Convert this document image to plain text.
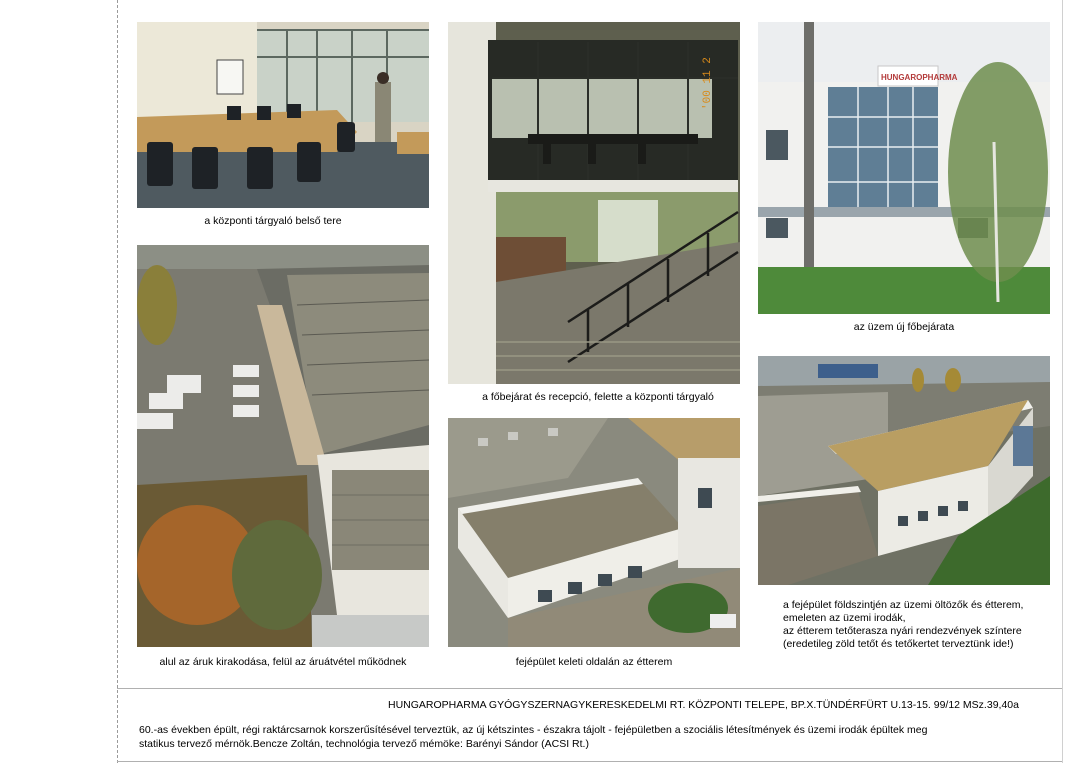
a központi tárgyaló belső tere
'00 11 2
a főbejárat és recepció, felette a központi tárgyaló
HUNGAROPHARMA
az üzem új főbejárata
alul az áruk kirakodása, felül az áruátvétel működnek	fejépület keleti oldalán az étterem
a fejépület földszintjén az üzemi öltözők és étterem,
emeleten az üzemi irodák,
az étterem tetőterasza nyári rendezvények színtere
(eredetileg zöld tetőt és tetőkertet terveztünk ide!)
HUNGAROPHARMA GYÓGYSZERNAGYKERESKEDELMI RT. KÖZPONTI TELEPE, BP.X.TÜNDÉRFÜRT U.13-15. 99/12 MSz.39,40a
60.-as években épült, régi raktárcsarnok korszerűsítésével terveztük, az új kétszintes - északra tájolt - fejépületben a szociális létesítmények és üzemi irodák épültek meg
statikus tervező mérnök.Bencze Zoltán, technológia tervező mémöke: Barényi Sándor (ACSI Rt.)
